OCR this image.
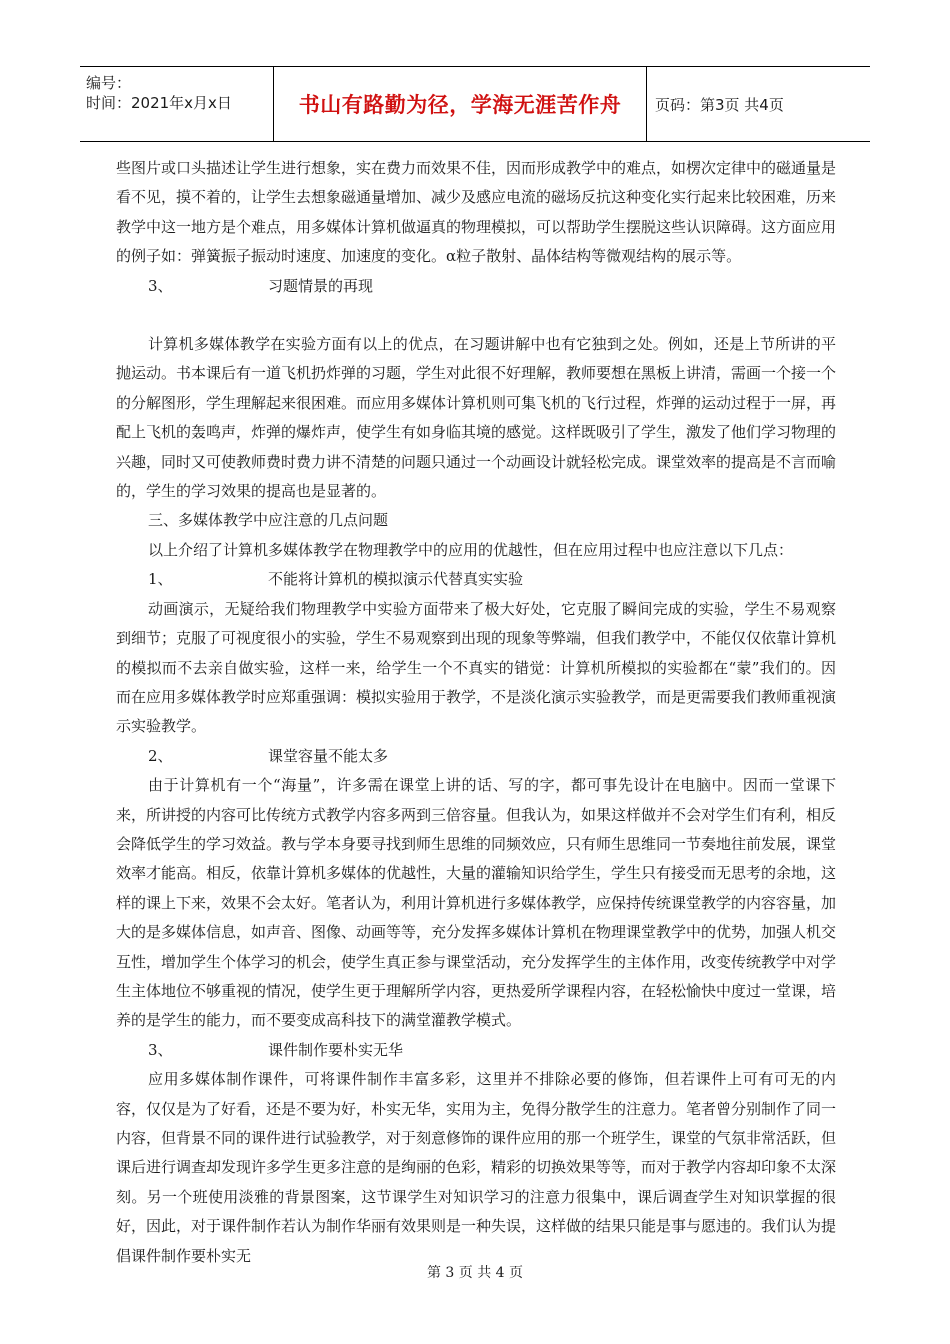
编号：
时间：2021年x月x日	书山有路勤为径，学海无涯苦作舟	页码：第3页 共4页

些图片或口头描述让学生进行想象，实在费力而效果不佳，因而形成教学中的难点，如楞次定律中的磁通量是看不见，摸不着的，让学生去想象磁通量增加、减少及感应电流的磁场反抗这种变化实行起来比较困难，历来教学中这一地方是个难点，用多媒体计算机做逼真的物理模拟，可以帮助学生摆脱这些认识障碍。这方面应用的例子如：弹簧振子振动时速度、加速度的变化。α粒子散射、晶体结构等微观结构的展示等。

3、	习题情景的再现

计算机多媒体教学在实验方面有以上的优点，在习题讲解中也有它独到之处。例如，还是上节所讲的平抛运动。书本课后有一道飞机扔炸弹的习题，学生对此很不好理解，教师要想在黑板上讲清，需画一个接一个的分解图形，学生理解起来很困难。而应用多媒体计算机则可集飞机的飞行过程，炸弹的运动过程于一屏，再配上飞机的轰鸣声，炸弹的爆炸声，使学生有如身临其境的感觉。这样既吸引了学生，激发了他们学习物理的兴趣，同时又可使教师费时费力讲不清楚的问题只通过一个动画设计就轻松完成。课堂效率的提高是不言而喻的，学生的学习效果的提高也是显著的。

三、多媒体教学中应注意的几点问题

以上介绍了计算机多媒体教学在物理教学中的应用的优越性，但在应用过程中也应注意以下几点：

1、	不能将计算机的模拟演示代替真实实验

动画演示，无疑给我们物理教学中实验方面带来了极大好处，它克服了瞬间完成的实验，学生不易观察到细节；克服了可视度很小的实验，学生不易观察到出现的现象等弊端，但我们教学中，不能仅仅依靠计算机的模拟而不去亲自做实验，这样一来，给学生一个不真实的错觉：计算机所模拟的实验都在“蒙”我们的。因而在应用多媒体教学时应郑重强调：模拟实验用于教学，不是淡化演示实验教学，而是更需要我们教师重视演示实验教学。

2、	课堂容量不能太多

由于计算机有一个“海量”，许多需在课堂上讲的话、写的字，都可事先设计在电脑中。因而一堂课下来，所讲授的内容可比传统方式教学内容多两到三倍容量。但我认为，如果这样做并不会对学生们有利，相反会降低学生的学习效益。教与学本身要寻找到师生思维的同频效应，只有师生思维同一节奏地往前发展，课堂效率才能高。相反，依靠计算机多媒体的优越性，大量的灌输知识给学生，学生只有接受而无思考的余地，这样的课上下来，效果不会太好。笔者认为，利用计算机进行多媒体教学，应保持传统课堂教学的内容容量，加大的是多媒体信息，如声音、图像、动画等等，充分发挥多媒体计算机在物理课堂教学中的优势，加强人机交互性，增加学生个体学习的机会，使学生真正参与课堂活动，充分发挥学生的主体作用，改变传统教学中对学生主体地位不够重视的情况，使学生更于理解所学内容，更热爱所学课程内容，在轻松愉快中度过一堂课，培养的是学生的能力，而不要变成高科技下的满堂灌教学模式。

3、	课件制作要朴实无华

应用多媒体制作课件，可将课件制作丰富多彩，这里并不排除必要的修饰，但若课件上可有可无的内容，仅仅是为了好看，还是不要为好，朴实无华，实用为主，免得分散学生的注意力。笔者曾分别制作了同一内容，但背景不同的课件进行试验教学，对于刻意修饰的课件应用的那一个班学生，课堂的气氛非常活跃，但课后进行调查却发现许多学生更多注意的是绚丽的色彩，精彩的切换效果等等，而对于教学内容却印象不太深刻。另一个班使用淡雅的背景图案，这节课学生对知识学习的注意力很集中，课后调查学生对知识掌握的很好，因此，对于课件制作若认为制作华丽有效果则是一种失误，这样做的结果只能是事与愿违的。我们认为提倡课件制作要朴实无

第 3 页 共 4 页
